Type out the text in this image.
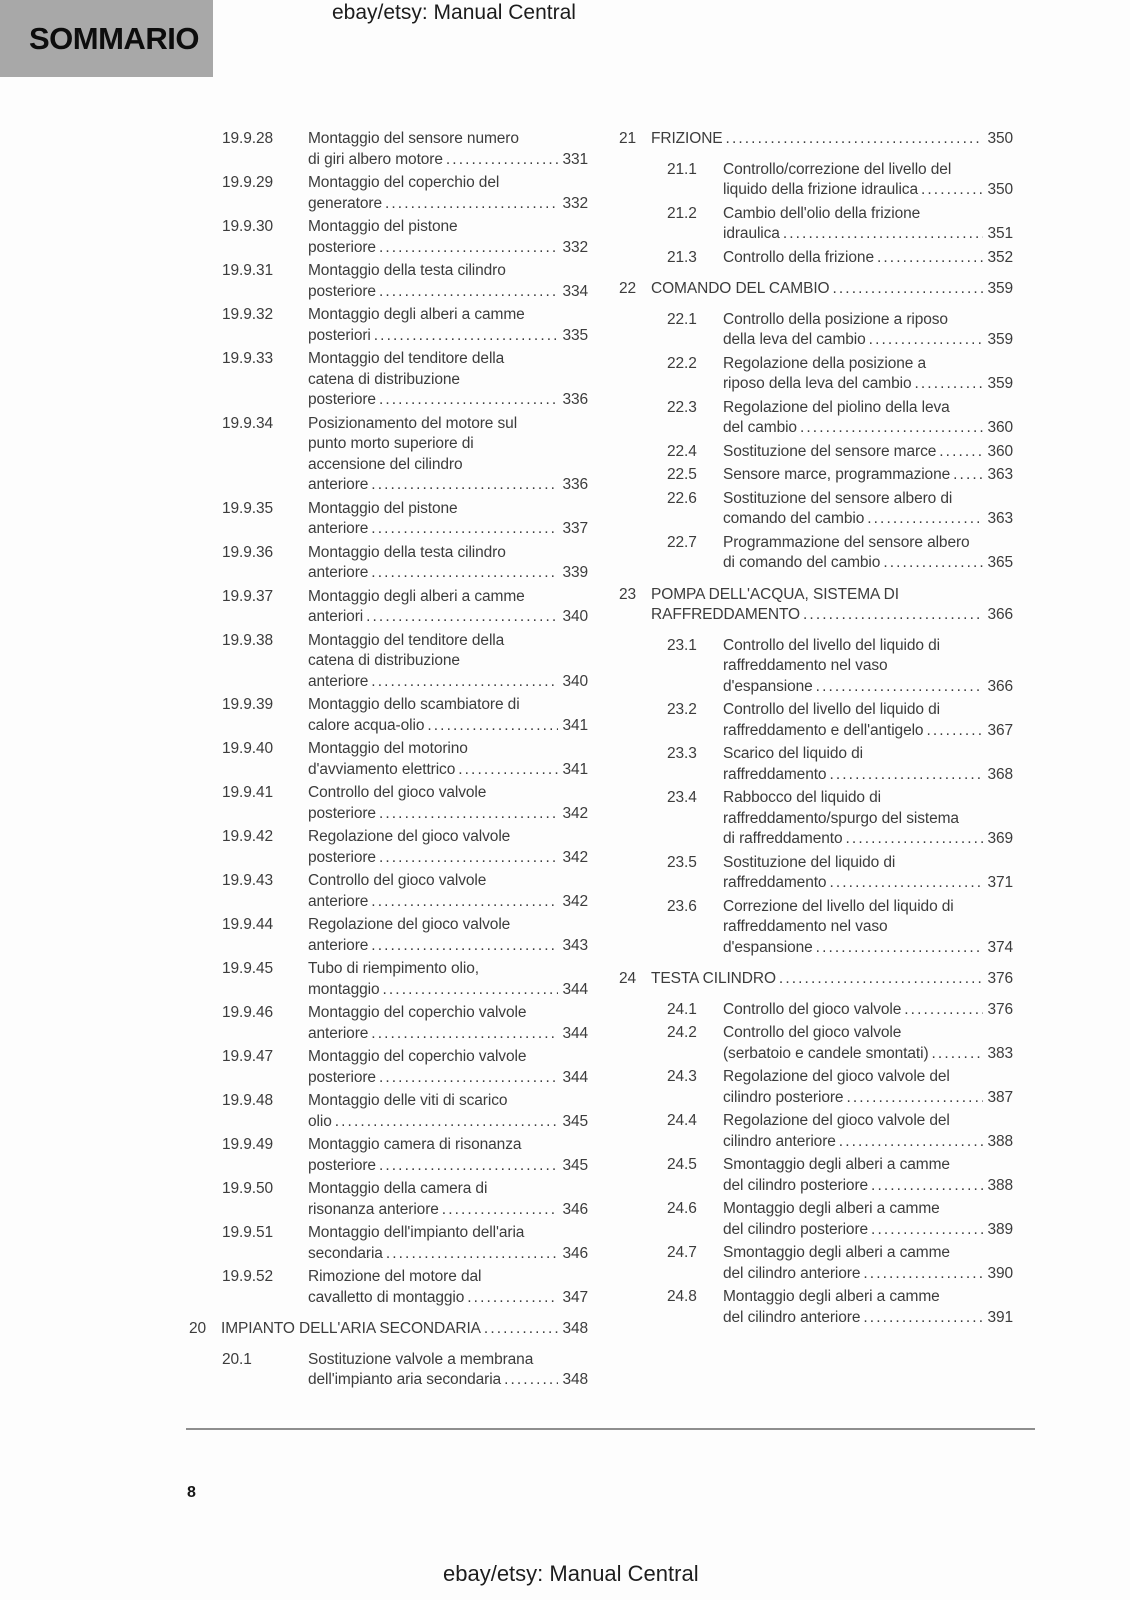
ebay/etsy: Manual Central
SOMMARIO
19.9.28	Montaggio del sensore numero
di giri albero motore .....	331
19.9.29	Montaggio del coperchio del
generatore .....	332
19.9.30	Montaggio del pistone
posteriore .....	332
19.9.31	Montaggio della testa cilindro
posteriore .....	334
19.9.32	Montaggio degli alberi a camme
posteriori .....	335
19.9.33	Montaggio del tenditore della
catena di distribuzione
posteriore .....	336
19.9.34	Posizionamento del motore sul
punto morto superiore di
accensione del cilindro
anteriore .....	336
19.9.35	Montaggio del pistone
anteriore .....	337
19.9.36	Montaggio della testa cilindro
anteriore .....	339
19.9.37	Montaggio degli alberi a camme
anteriori .....	340
19.9.38	Montaggio del tenditore della
catena di distribuzione
anteriore .....	340
19.9.39	Montaggio dello scambiatore di
calore acqua-olio .....	341
19.9.40	Montaggio del motorino
d'avviamento elettrico .....	341
19.9.41	Controllo del gioco valvole
posteriore .....	342
19.9.42	Regolazione del gioco valvole
posteriore .....	342
19.9.43	Controllo del gioco valvole
anteriore .....	342
19.9.44	Regolazione del gioco valvole
anteriore .....	343
19.9.45	Tubo di riempimento olio,
montaggio .....	344
19.9.46	Montaggio del coperchio valvole
anteriore .....	344
19.9.47	Montaggio del coperchio valvole
posteriore .....	344
19.9.48	Montaggio delle viti di scarico
olio .....	345
19.9.49	Montaggio camera di risonanza
posteriore .....	345
19.9.50	Montaggio della camera di
risonanza anteriore .....	346
19.9.51	Montaggio dell'impianto dell'aria
secondaria .....	346
19.9.52	Rimozione del motore dal
cavalletto di montaggio .....	347
20 IMPIANTO DELL'ARIA SECONDARIA .....	348
20.1	Sostituzione valvole a membrana
dell'impianto aria secondaria .....	348
21 FRIZIONE .....	350
21.1	Controllo/correzione del livello del
liquido della frizione idraulica .....	350
21.2	Cambio dell'olio della frizione
idraulica .....	351
21.3	Controllo della frizione .....	352
22 COMANDO DEL CAMBIO .....	359
22.1	Controllo della posizione a riposo
della leva del cambio .....	359
22.2	Regolazione della posizione a
riposo della leva del cambio .....	359
22.3	Regolazione del piolino della leva
del cambio .....	360
22.4	Sostituzione del sensore marce .....	360
22.5	Sensore marce, programmazione ..... 363
22.6	Sostituzione del sensore albero di
comando del cambio .....	363
22.7	Programmazione del sensore albero
di comando del cambio .....	365
23 POMPA DELL'ACQUA, SISTEMA DI
RAFFREDDAMENTO .....	366
23.1	Controllo del livello del liquido di
raffreddamento nel vaso
d'espansione .....	366
23.2	Controllo del livello del liquido di
raffreddamento e dell'antigelo .....	367
23.3	Scarico del liquido di
raffreddamento .....	368
23.4	Rabbocco del liquido di
raffreddamento/spurgo del sistema
di raffreddamento .....	369
23.5	Sostituzione del liquido di
raffreddamento .....	371
23.6	Correzione del livello del liquido di
raffreddamento nel vaso
d'espansione .....	374
24 TESTA CILINDRO .....	376
24.1	Controllo del gioco valvole .....	376
24.2	Controllo del gioco valvole
(serbatoio e candele smontati) .....	383
24.3	Regolazione del gioco valvole del
cilindro posteriore .....	387
24.4	Regolazione del gioco valvole del
cilindro anteriore .....	388
24.5	Smontaggio degli alberi a camme
del cilindro posteriore .....	388
24.6	Montaggio degli alberi a camme
del cilindro posteriore .....	389
24.7	Smontaggio degli alberi a camme
del cilindro anteriore .....	390
24.8	Montaggio degli alberi a camme
del cilindro anteriore .....	391
8
ebay/etsy: Manual Central
